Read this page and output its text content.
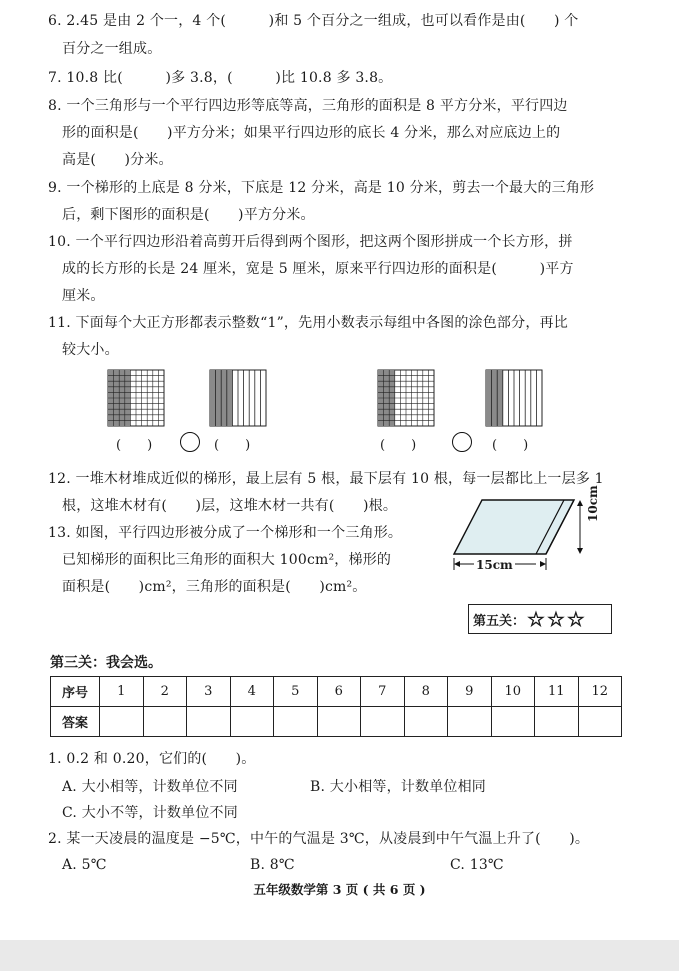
6. 2.45 是由 2 个一，4 个(　　　)和 5 个百分之一组成，也可以看作是由(　　) 个
百分之一组成。
7. 10.8 比(　　　)多 3.8，(　　　)比 10.8 多 3.8。
8. 一个三角形与一个平行四边形等底等高，三角形的面积是 8 平方分米，平行四边
形的面积是(　　)平方分米；如果平行四边形的底长 4 分米，那么对应底边上的
高是(　　)分米。
9. 一个梯形的上底是 8 分米，下底是 12 分米，高是 10 分米，剪去一个最大的三角形
后，剩下图形的面积是(　　)平方分米。
10. 一个平行四边形沿着高剪开后得到两个图形，把这两个图形拼成一个长方形，拼
成的长方形的长是 24 厘米，宽是 5 厘米，原来平行四边形的面积是(　　　)平方
厘米。
11. 下面每个大正方形都表示整数“1”，先用小数表示每组中各图的涂色部分，再比
较大小。
(　　)	(　　)	(　　)	(　　)
12. 一堆木材堆成近似的梯形，最上层有 5 根，最下层有 10 根，每一层都比上一层多 1
根，这堆木材有(　　)层，这堆木材一共有(　　)根。
13. 如图，平行四边形被分成了一个梯形和一个三角形。
已知梯形的面积比三角形的面积大 100cm²，梯形的
面积是(　　)cm²，三角形的面积是(　　)cm²。
10cm
15cm
第五关： ☆ ☆ ☆
第三关：我会选。
序号	1	2	3	4	5	6	7	8	9	10	11	12
答案												
1. 0.2 和 0.20，它们的(　　)。
A. 大小相等，计数单位不同	B. 大小相等，计数单位相同
C. 大小不等，计数单位不同
2. 某一天凌晨的温度是 −5℃，中午的气温是 3℃，从凌晨到中午气温上升了(　　)。
A. 5℃	B. 8℃	C. 13℃
五年级数学第 3 页 ( 共 6 页 )
